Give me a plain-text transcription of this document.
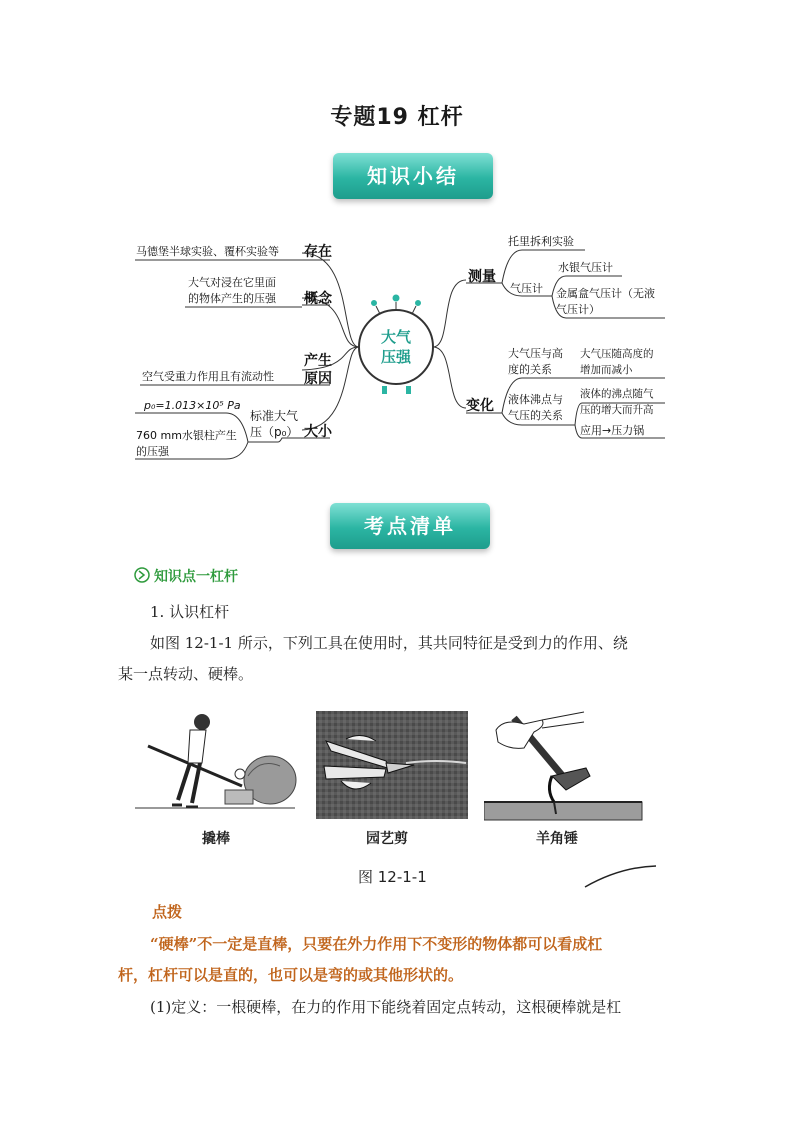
专题19 杠杆
知识小结
大气
压强
马德堡半球实验、覆杯实验等 存在
大气对浸在它里面
的物体产生的压强 概念
空气受重力作用且有流动性
产生
原因
p₀=1.013×10⁵ Pa
标准大气
压（p₀）
760 mm水银柱产生
的压强
大小
测量
托里拆利实验
气压计
水银气压计
金属盒气压计（无液
气压计）
变化
大气压与高
度的关系
大气压随高度的
增加而减小
液体沸点与
气压的关系
液体的沸点随气
压的增大而升高
应用→压力锅
考点清单
知识点一杠杆
1. 认识杠杆
如图 12-1-1 所示，下列工具在使用时，其共同特征是受到力的作用、绕
某一点转动、硬棒。
撬棒	园艺剪	羊角锤
图 12-1-1
点拨
“硬棒”不一定是直棒，只要在外力作用下不变形的物体都可以看成杠
杆，杠杆可以是直的，也可以是弯的或其他形状的。
(1)定义：一根硬棒，在力的作用下能绕着固定点转动，这根硬棒就是杠
